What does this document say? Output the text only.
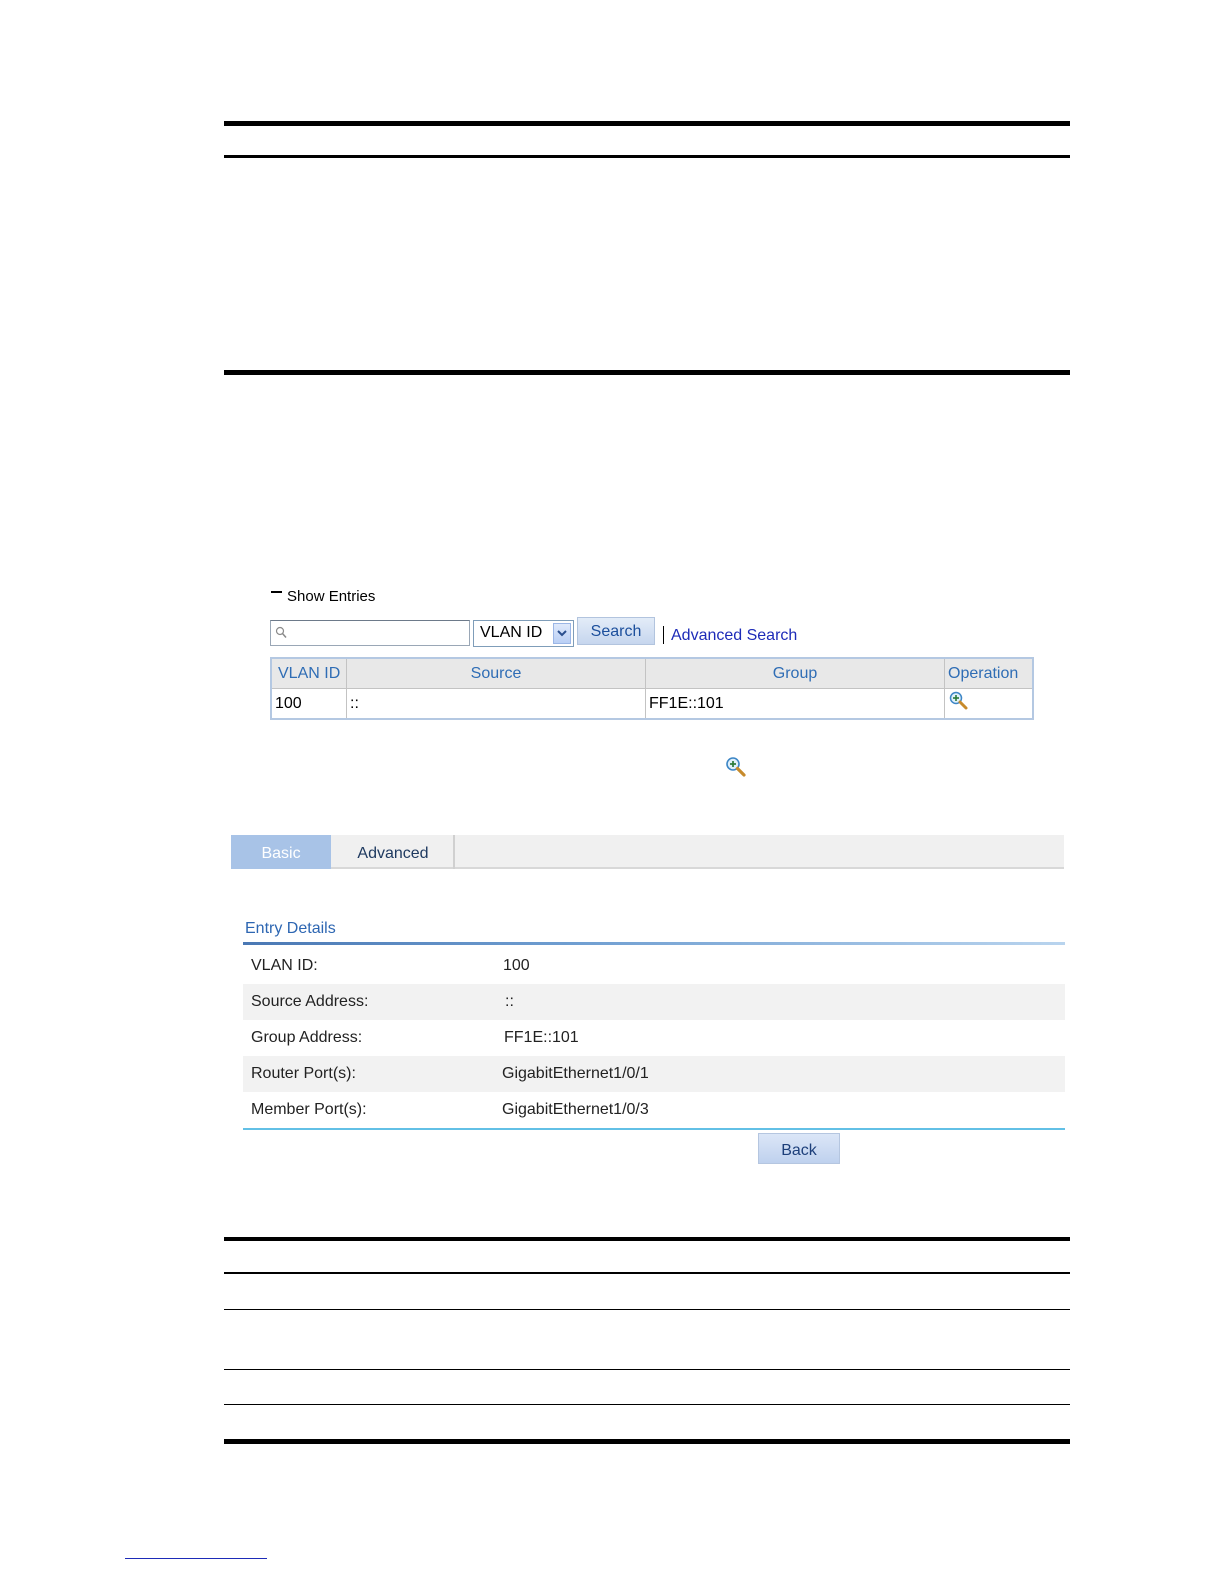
Show Entries
VLAN ID	Search	Advanced Search
VLAN ID	Source	Group	Operation
100	::	FF1E::101	
Basic	Advanced
Entry Details
VLAN ID:	100
Source Address:	::
Group Address:	FF1E::101
Router Port(s):	GigabitEthernet1/0/1
Member Port(s):	GigabitEthernet1/0/3
Back
